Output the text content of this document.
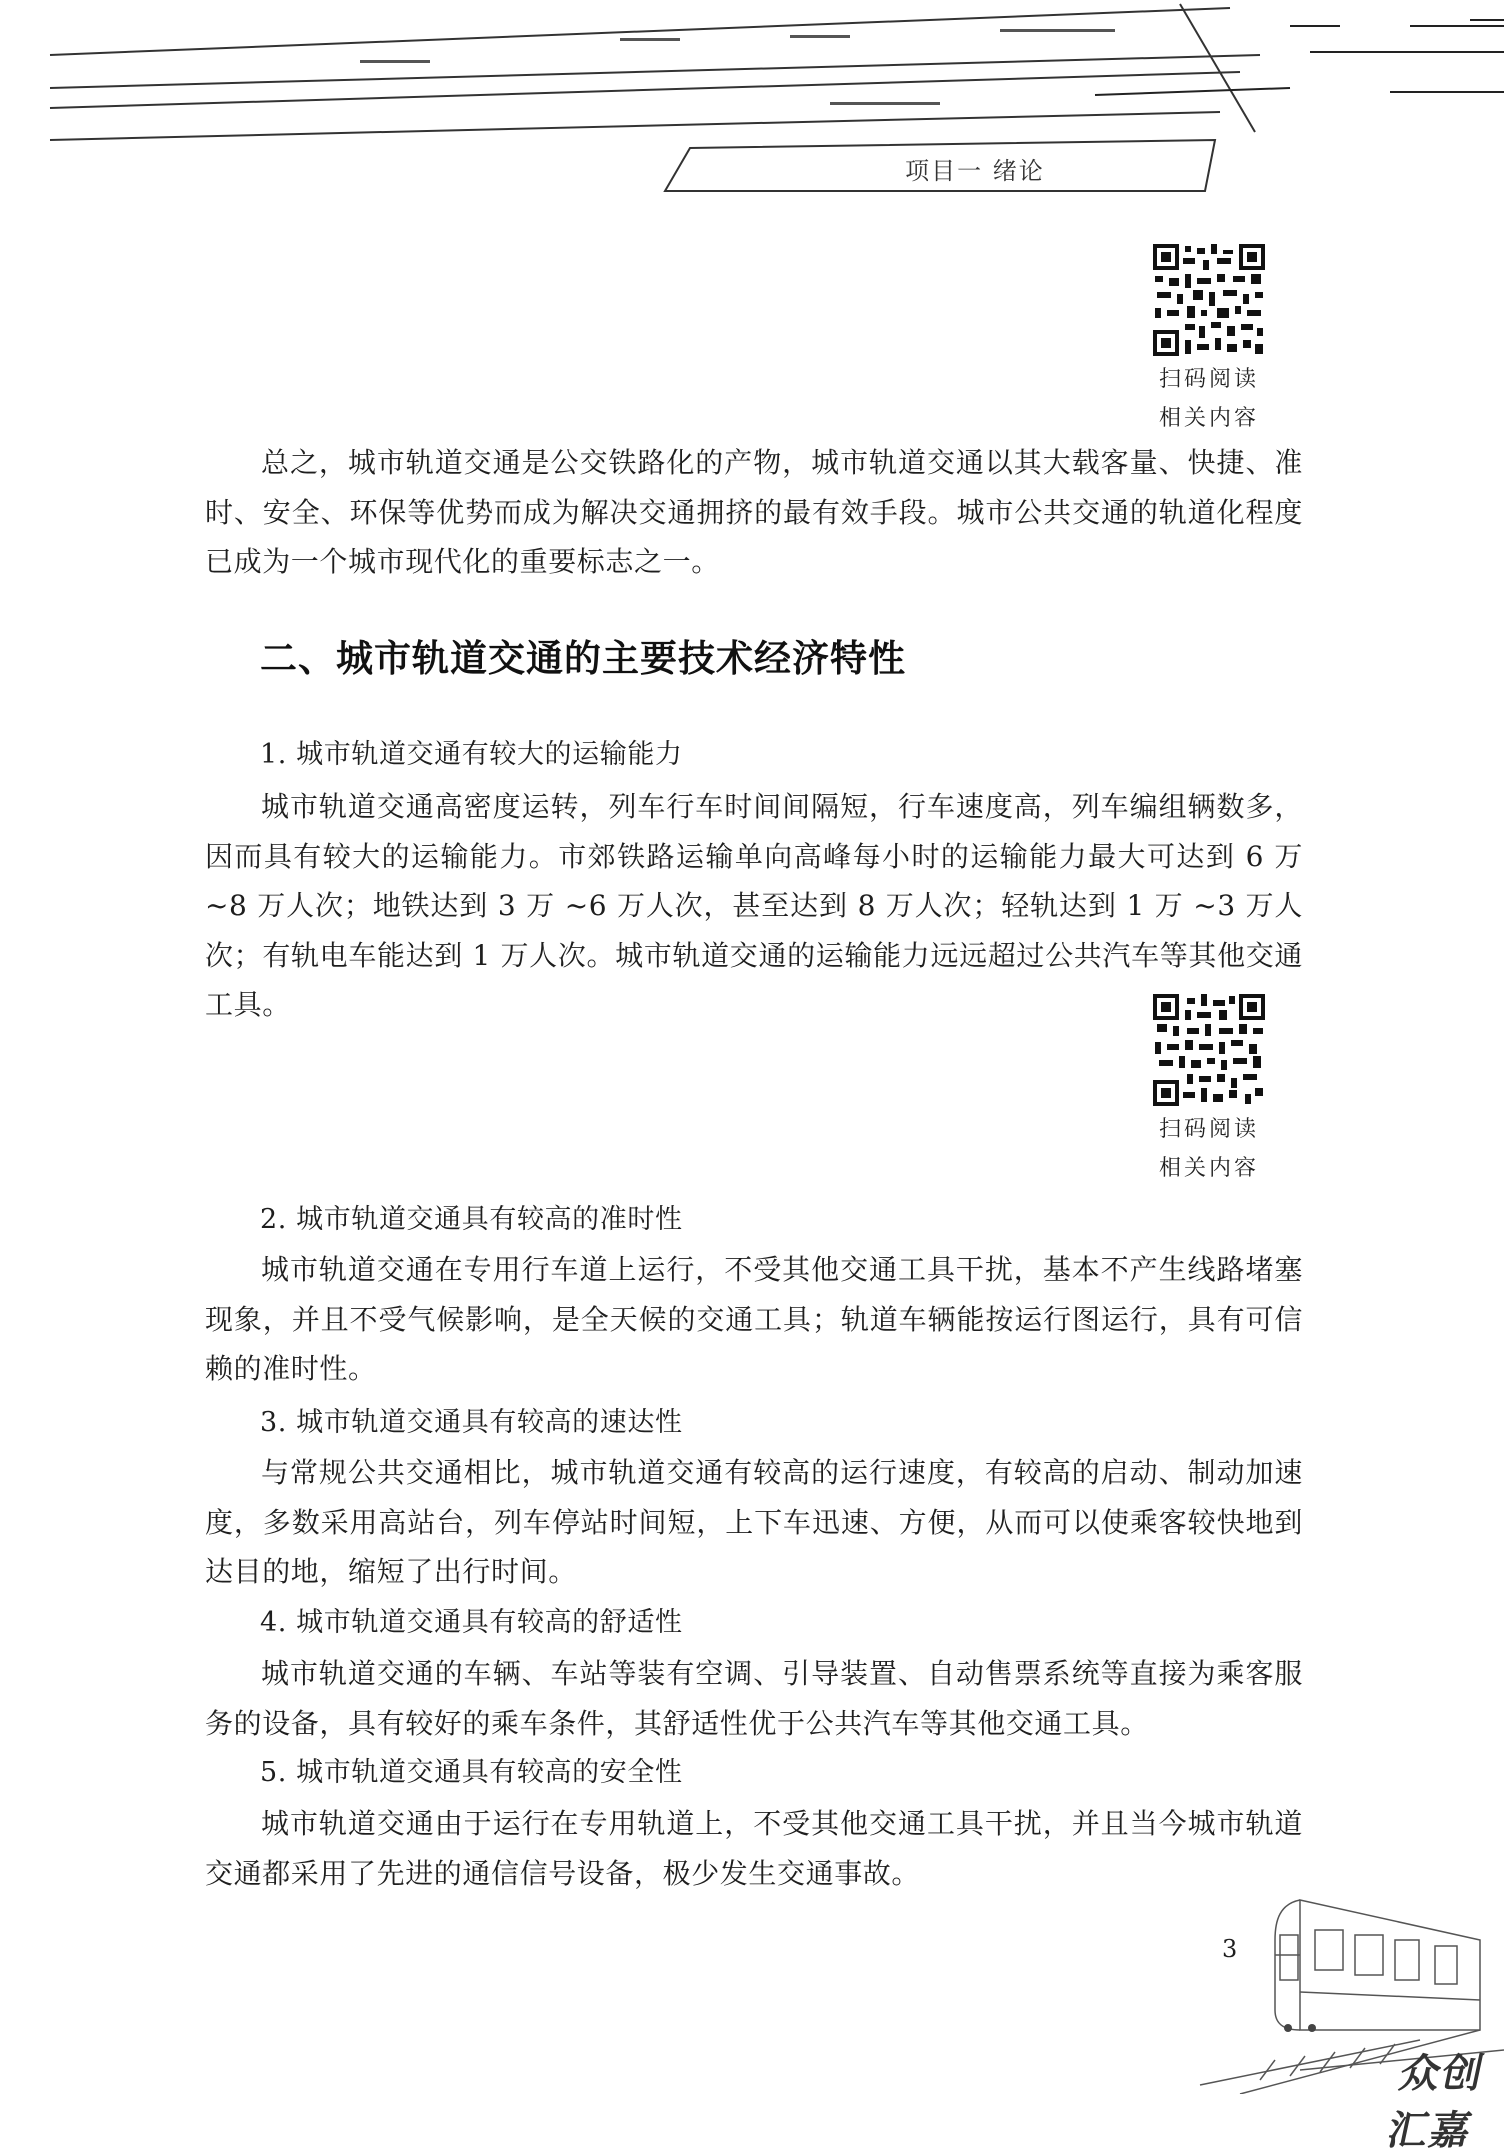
项目一 绪论
扫码阅读
相关内容

总之，城市轨道交通是公交铁路化的产物，城市轨道交通以其大载客量、快捷、准时、安全、环保等优势而成为解决交通拥挤的最有效手段。城市公共交通的轨道化程度已成为一个城市现代化的重要标志之一。

二、城市轨道交通的主要技术经济特性
1. 城市轨道交通有较大的运输能力

城市轨道交通高密度运转，列车行车时间间隔短，行车速度高，列车编组辆数多，因而具有较大的运输能力。市郊铁路运输单向高峰每小时的运输能力最大可达到 6 万 ~8 万人次；地铁达到 3 万 ~6 万人次，甚至达到 8 万人次；轻轨达到 1 万 ~3 万人次；有轨电车能达到 1 万人次。城市轨道交通的运输能力远远超过公共汽车等其他交通工具。

扫码阅读
相关内容
2. 城市轨道交通具有较高的准时性

城市轨道交通在专用行车道上运行，不受其他交通工具干扰，基本不产生线路堵塞现象，并且不受气候影响，是全天候的交通工具；轨道车辆能按运行图运行，具有可信赖的准时性。

3. 城市轨道交通具有较高的速达性

与常规公共交通相比，城市轨道交通有较高的运行速度，有较高的启动、制动加速度，多数采用高站台，列车停站时间短，上下车迅速、方便，从而可以使乘客较快地到达目的地，缩短了出行时间。

4. 城市轨道交通具有较高的舒适性

城市轨道交通的车辆、车站等装有空调、引导装置、自动售票系统等直接为乘客服务的设备，具有较好的乘车条件，其舒适性优于公共汽车等其他交通工具。

5. 城市轨道交通具有较高的安全性

城市轨道交通由于运行在专用轨道上，不受其他交通工具干扰，并且当今城市轨道交通都采用了先进的通信信号设备，极少发生交通事故。

3
众创汇嘉
